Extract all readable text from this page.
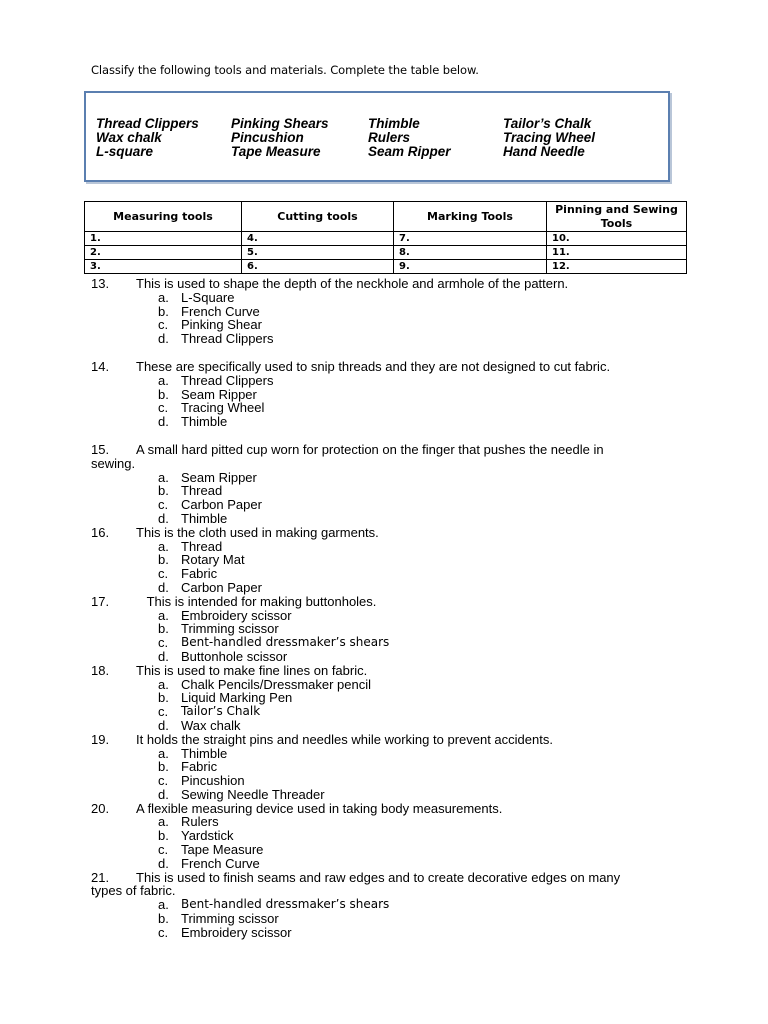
Classify the following tools and materials. Complete the table below.
Thread Clippers Pinking Shears	Thimble	Tailor’s Chalk
Wax chalk	Pincushion	Rulers	Tracing Wheel
L-square	Tape Measure	Seam Ripper	Hand Needle
Measuring tools	Cutting tools	Marking Tools	Pinning and Sewing Tools
1.	4.	7.	10.
2.	5.	8.	11.
3.	6.	9.	12.
13. This is used to shape the depth of the neckhole and armhole of the pattern.
a. L-Square
b. French Curve
c. Pinking Shear
d. Thread Clippers
14. These are specifically used to snip threads and they are not designed to cut fabric.
a. Thread Clippers
b. Seam Ripper
c. Tracing Wheel
d. Thimble
15. A small hard pitted cup worn for protection on the finger that pushes the needle in
sewing.
a. Seam Ripper
b. Thread
c. Carbon Paper
d. Thimble
16. This is the cloth used in making garments.
a. Thread
b. Rotary Mat
c. Fabric
d. Carbon Paper
17. This is intended for making buttonholes.
a. Embroidery scissor
b. Trimming scissor
c. Bent-handled dressmaker’s shears
d. Buttonhole scissor
18. This is used to make fine lines on fabric.
a. Chalk Pencils/Dressmaker pencil
b. Liquid Marking Pen
c. Tailor’s Chalk
d. Wax chalk
19. It holds the straight pins and needles while working to prevent accidents.
a. Thimble
b. Fabric
c. Pincushion
d. Sewing Needle Threader
20. A flexible measuring device used in taking body measurements.
a. Rulers
b. Yardstick
c. Tape Measure
d. French Curve
21. This is used to finish seams and raw edges and to create decorative edges on many
types of fabric.
a. Bent-handled dressmaker’s shears
b. Trimming scissor
c. Embroidery scissor
